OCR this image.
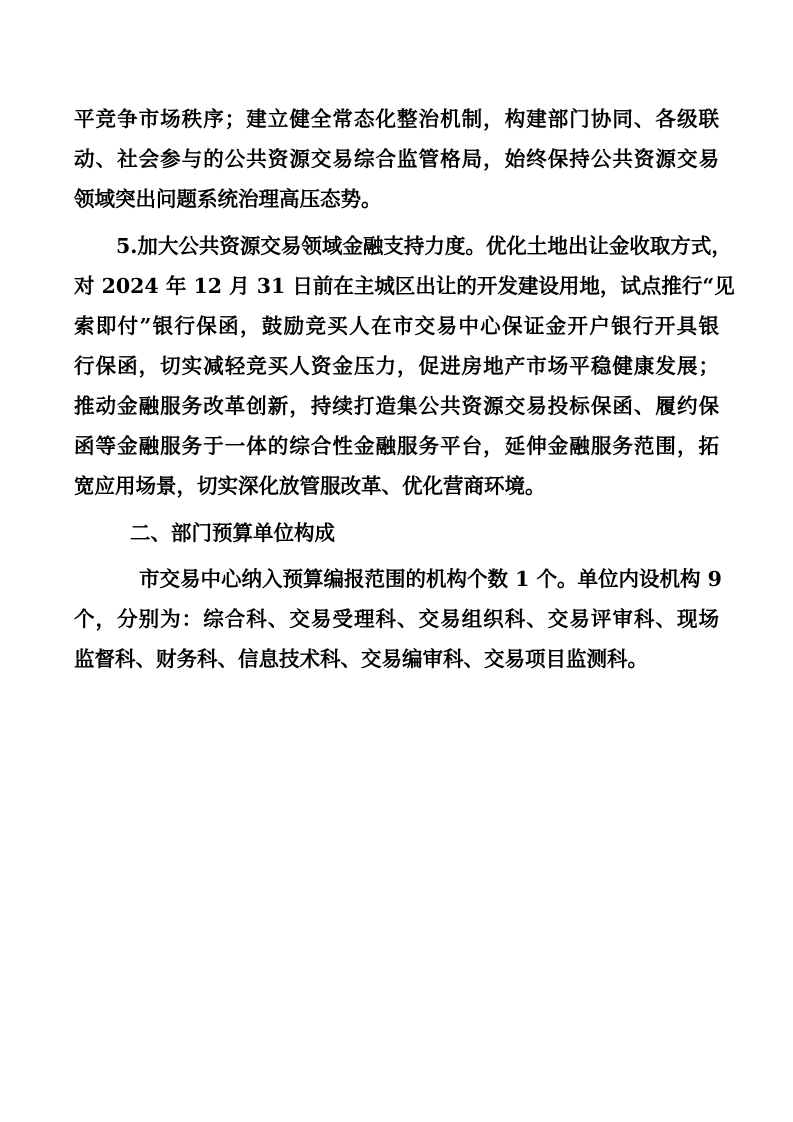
平竞争市场秩序；建立健全常态化整治机制，构建部门协同、各级联
动、社会参与的公共资源交易综合监管格局，始终保持公共资源交易
领域突出问题系统治理高压态势。
5.加大公共资源交易领域金融支持力度。优化土地出让金收取方式，
对 2024 年 12 月 31 日前在主城区出让的开发建设用地，试点推行“见
索即付”银行保函，鼓励竞买人在市交易中心保证金开户银行开具银
行保函，切实减轻竞买人资金压力，促进房地产市场平稳健康发展；
推动金融服务改革创新，持续打造集公共资源交易投标保函、履约保
函等金融服务于一体的综合性金融服务平台，延伸金融服务范围，拓
宽应用场景，切实深化放管服改革、优化营商环境。
二、部门预算单位构成
市交易中心纳入预算编报范围的机构个数 1 个。单位内设机构 9
个，分别为：综合科、交易受理科、交易组织科、交易评审科、现场
监督科、财务科、信息技术科、交易编审科、交易项目监测科。
